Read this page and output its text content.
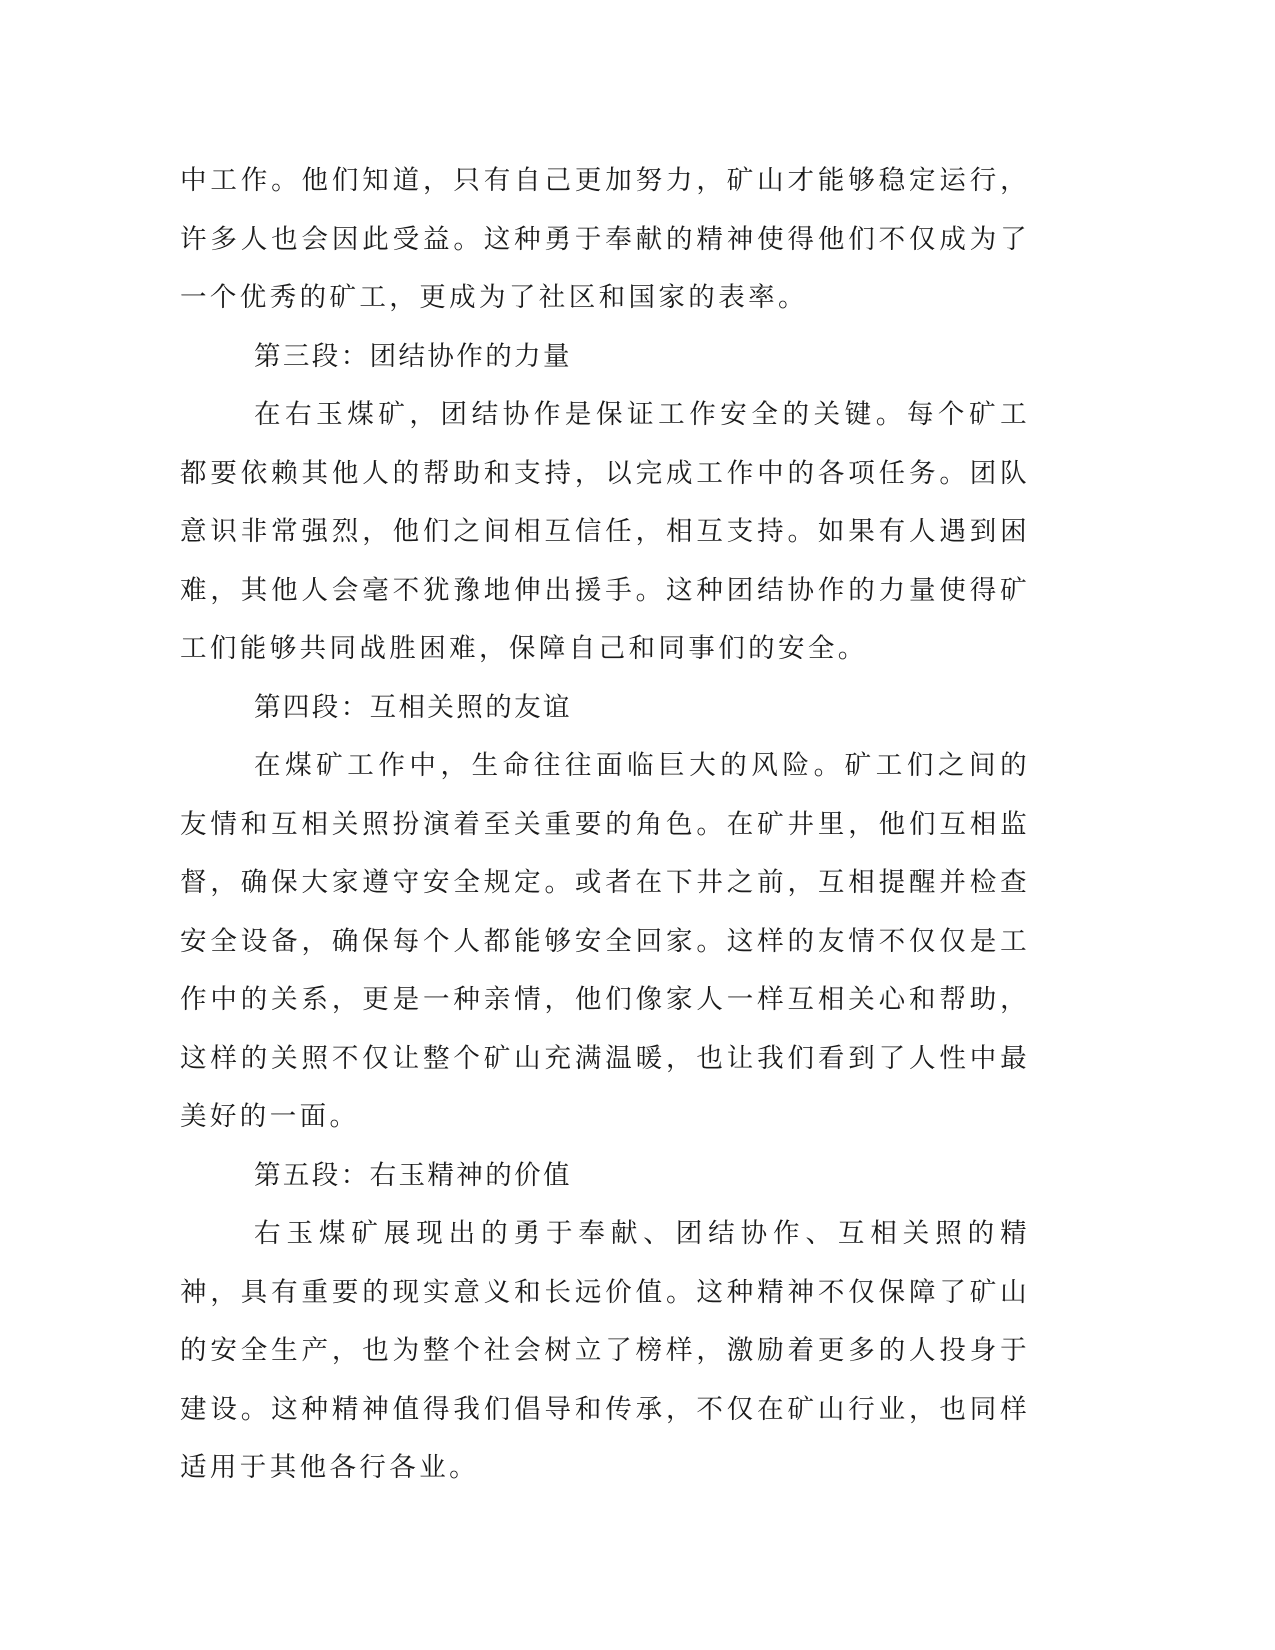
中工作。他们知道，只有自己更加努力，矿山才能够稳定运行，许多人也会因此受益。这种勇于奉献的精神使得他们不仅成为了一个优秀的矿工，更成为了社区和国家的表率。

第三段：团结协作的力量

在右玉煤矿，团结协作是保证工作安全的关键。每个矿工都要依赖其他人的帮助和支持，以完成工作中的各项任务。团队意识非常强烈，他们之间相互信任，相互支持。如果有人遇到困难，其他人会毫不犹豫地伸出援手。这种团结协作的力量使得矿工们能够共同战胜困难，保障自己和同事们的安全。

第四段：互相关照的友谊

在煤矿工作中，生命往往面临巨大的风险。矿工们之间的友情和互相关照扮演着至关重要的角色。在矿井里，他们互相监督，确保大家遵守安全规定。或者在下井之前，互相提醒并检查安全设备，确保每个人都能够安全回家。这样的友情不仅仅是工作中的关系，更是一种亲情，他们像家人一样互相关心和帮助，这样的关照不仅让整个矿山充满温暖，也让我们看到了人性中最美好的一面。

第五段：右玉精神的价值

右玉煤矿展现出的勇于奉献、团结协作、互相关照的精神，具有重要的现实意义和长远价值。这种精神不仅保障了矿山的安全生产，也为整个社会树立了榜样，激励着更多的人投身于建设。这种精神值得我们倡导和传承，不仅在矿山行业，也同样适用于其他各行各业。
